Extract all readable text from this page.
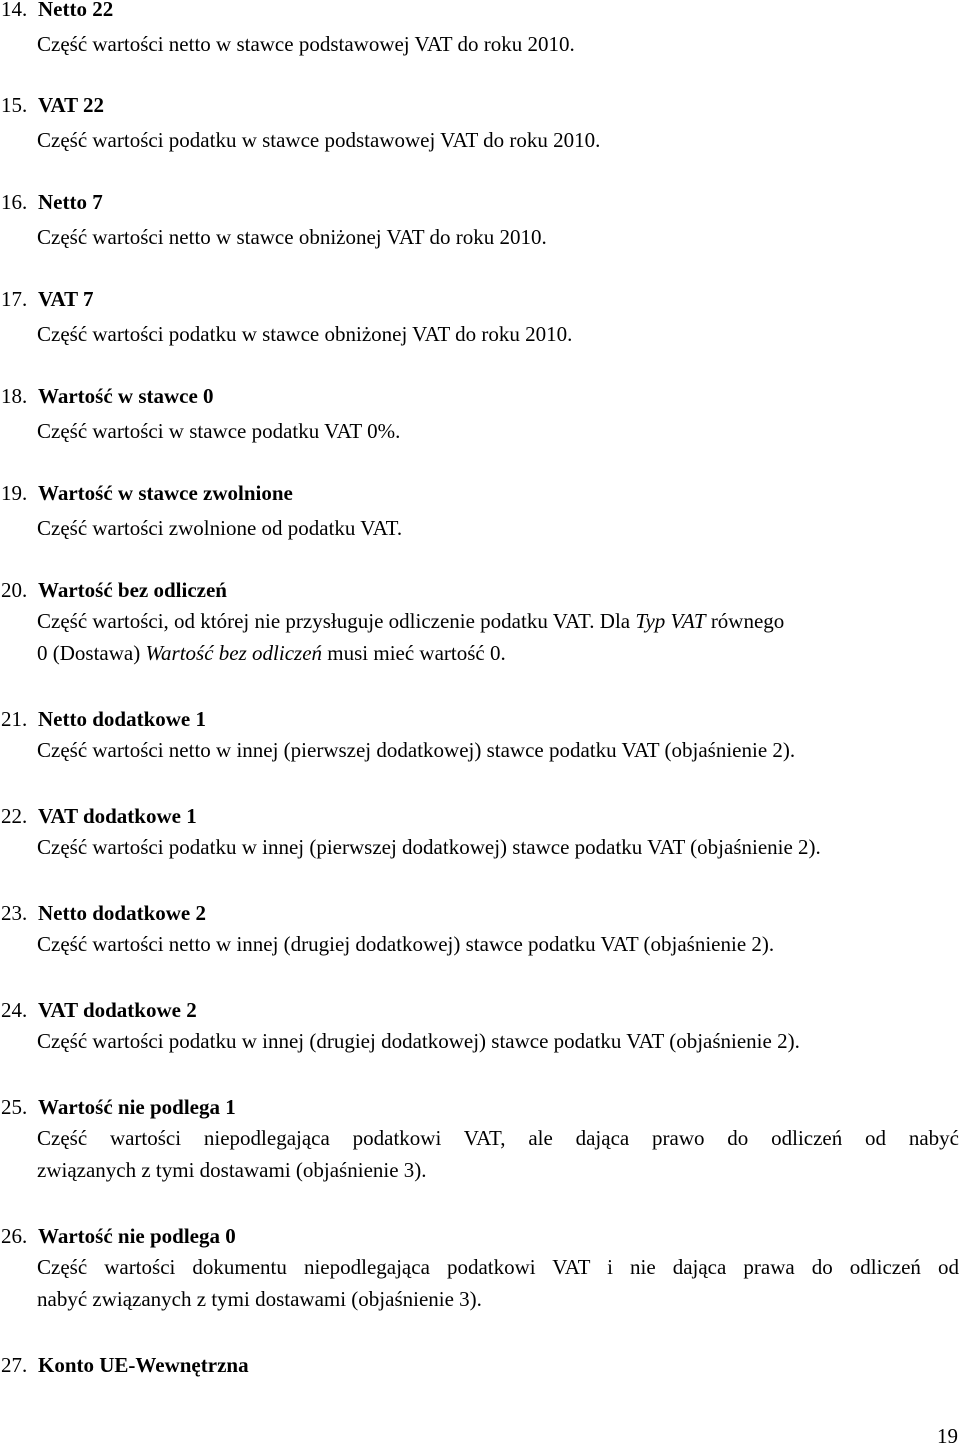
14. Netto 22
Część wartości netto w stawce podstawowej VAT do roku 2010.
15. VAT 22
Część wartości podatku w stawce podstawowej VAT do roku 2010.
16. Netto 7
Część wartości netto w stawce obniżonej VAT do roku 2010.
17. VAT 7
Część wartości podatku w stawce obniżonej VAT do roku 2010.
18. Wartość w stawce 0
Część wartości w stawce podatku VAT 0%.
19. Wartość w stawce zwolnione
Część wartości zwolnione od podatku VAT.
20. Wartość bez odliczeń
Część wartości, od której nie przysługuje odliczenie podatku VAT. Dla Typ VAT równego
0 (Dostawa) Wartość bez odliczeń musi mieć wartość 0.
21. Netto dodatkowe 1
Część wartości netto w innej (pierwszej dodatkowej) stawce podatku VAT (objaśnienie 2).
22. VAT dodatkowe 1
Część wartości podatku w innej (pierwszej dodatkowej) stawce podatku VAT (objaśnienie 2).
23. Netto dodatkowe 2
Część wartości netto w innej (drugiej dodatkowej) stawce podatku VAT (objaśnienie 2).
24. VAT dodatkowe 2
Część wartości podatku w innej (drugiej dodatkowej) stawce podatku VAT (objaśnienie 2).
25. Wartość nie podlega 1
Część wartości niepodlegająca podatkowi VAT, ale dająca prawo do odliczeń od nabyć
związanych z tymi dostawami (objaśnienie 3).
26. Wartość nie podlega 0
Część wartości dokumentu niepodlegająca podatkowi VAT i nie dająca prawa do odliczeń od
nabyć związanych z tymi dostawami (objaśnienie 3).
27. Konto UE-Wewnętrzna
19
